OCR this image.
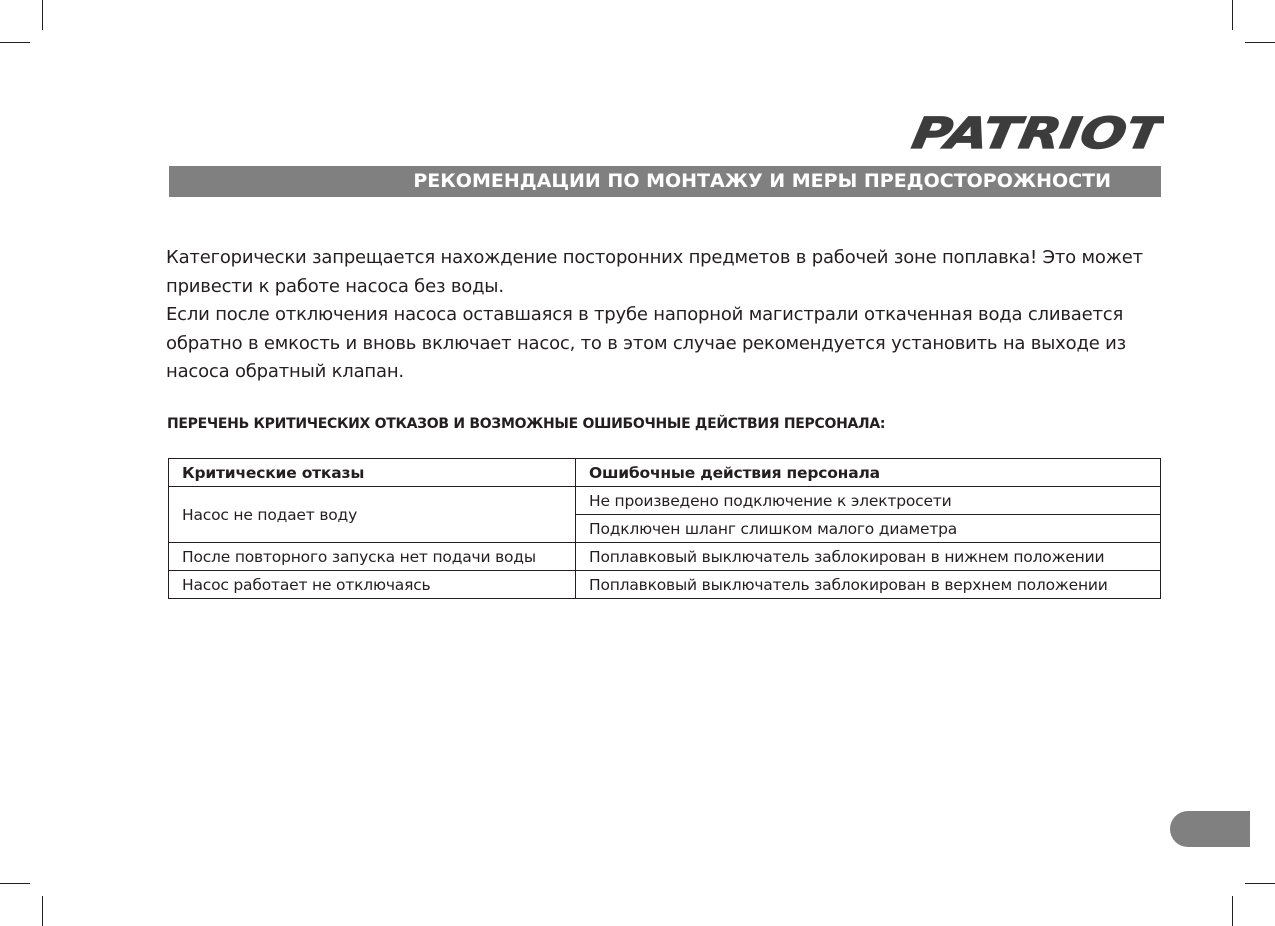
PATRIOT
РЕКОМЕНДАЦИИ ПО МОНТАЖУ И МЕРЫ ПРЕДОСТОРОЖНОСТИ

Категорически запрещается нахождение посторонних предметов в рабочей зоне поплавка! Это может привести к работе насоса без воды.

Если после отключения насоса оставшаяся в трубе напорной магистрали откаченная вода сливается обратно в емкость и вновь включает насос, то в этом случае рекомендуется установить на выходе из насоса обратный клапан.

ПЕРЕЧЕНЬ КРИТИЧЕСКИХ ОТКАЗОВ И ВОЗМОЖНЫЕ ОШИБОЧНЫЕ ДЕЙСТВИЯ ПЕРСОНАЛА:
Критические отказы	Ошибочные действия персонала
Насос не подает воду	Не произведено подключение к электросети
	Подключен шланг слишком малого диаметра
После повторного запуска нет подачи воды	Поплавковый выключатель заблокирован в нижнем положении
Насос работает не отключаясь	Поплавковый выключатель заблокирован в верхнем положении
